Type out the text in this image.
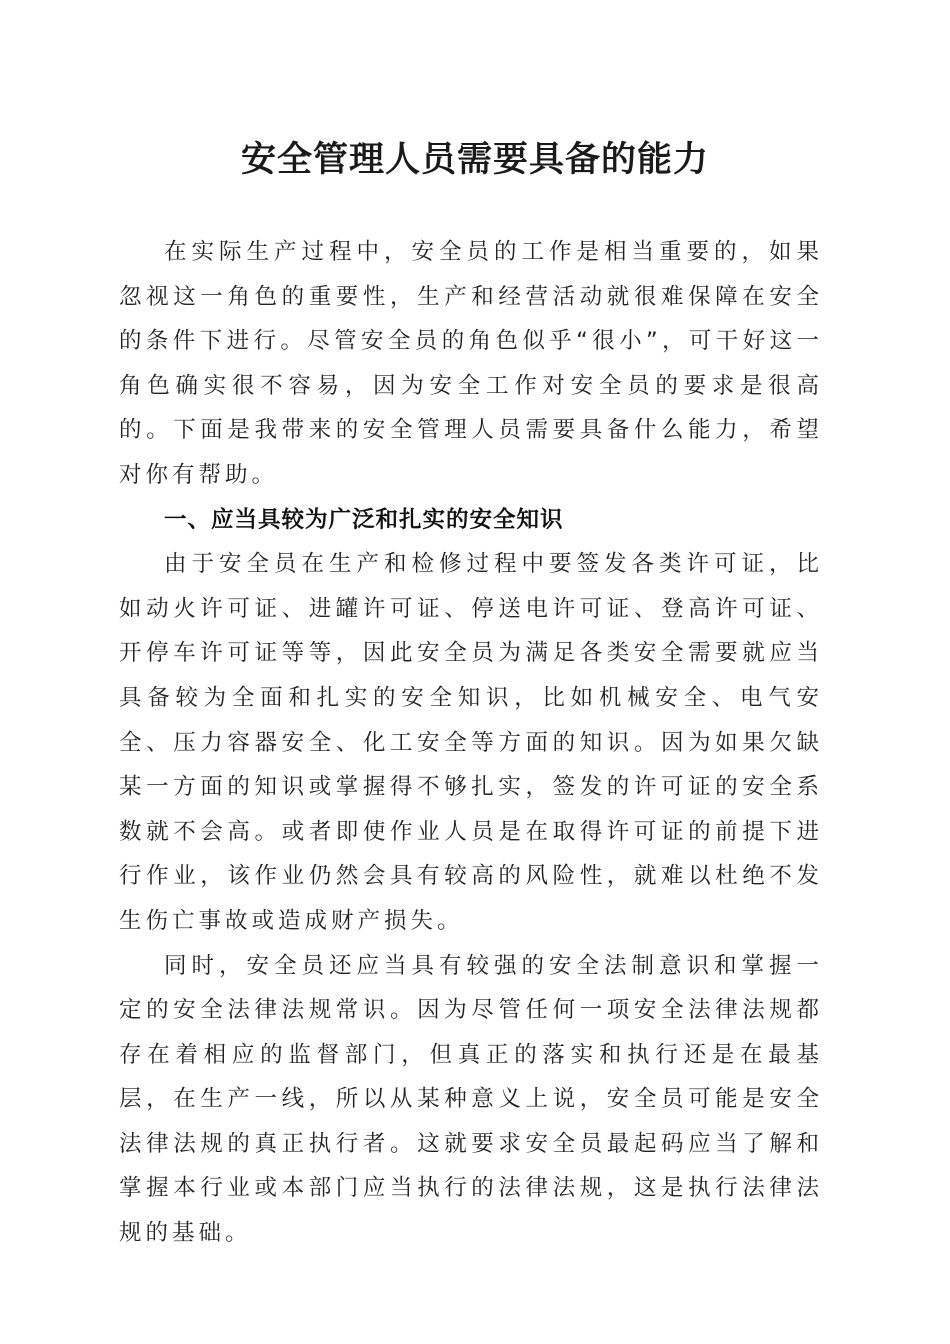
安全管理人员需要具备的能力

在实际生产过程中，安全员的工作是相当重要的，如果忽视这一角色的重要性，生产和经营活动就很难保障在安全的条件下进行。尽管安全员的角色似乎“很小”，可干好这一角色确实很不容易，因为安全工作对安全员的要求是很高的。下面是我带来的安全管理人员需要具备什么能力，希望对你有帮助。

一、应当具较为广泛和扎实的安全知识

由于安全员在生产和检修过程中要签发各类许可证，比如动火许可证、进罐许可证、停送电许可证、登高许可证、开停车许可证等等，因此安全员为满足各类安全需要就应当具备较为全面和扎实的安全知识，比如机械安全、电气安全、压力容器安全、化工安全等方面的知识。因为如果欠缺某一方面的知识或掌握得不够扎实，签发的许可证的安全系数就不会高。或者即使作业人员是在取得许可证的前提下进行作业，该作业仍然会具有较高的风险性，就难以杜绝不发生伤亡事故或造成财产损失。

同时，安全员还应当具有较强的安全法制意识和掌握一定的安全法律法规常识。因为尽管任何一项安全法律法规都存在着相应的监督部门，但真正的落实和执行还是在最基层，在生产一线，所以从某种意义上说，安全员可能是安全法律法规的真正执行者。这就要求安全员最起码应当了解和掌握本行业或本部门应当执行的法律法规，这是执行法律法规的基础。
